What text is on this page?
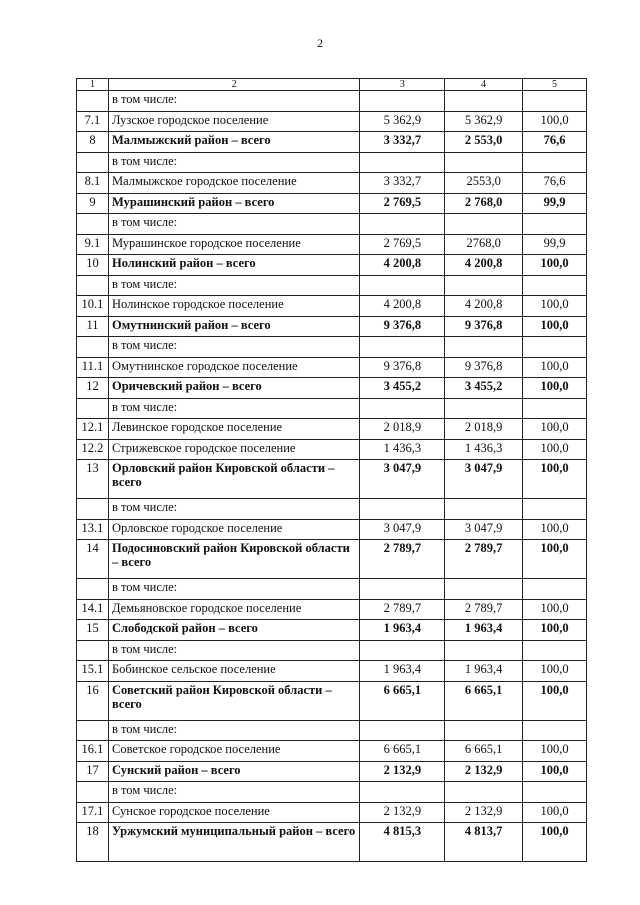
2
1	2	3	4	5
	в том числе:			
7.1	Лузское городское поселение	5 362,9	5 362,9	100,0
8	Малмыжский район – всего	3 332,7	2 553,0	76,6
	в том числе:			
8.1	Малмыжское городское поселение	3 332,7	2553,0	76,6
9	Мурашинский район – всего	2 769,5	2 768,0	99,9
	в том числе:			
9.1	Мурашинское городское поселение	2 769,5	2768,0	99,9
10	Нолинский район – всего	4 200,8	4 200,8	100,0
	в том числе:			
10.1	Нолинское городское поселение	4 200,8	4 200,8	100,0
11	Омутнинский район – всего	9 376,8	9 376,8	100,0
	в том числе:			
11.1	Омутнинское городское поселение	9 376,8	9 376,8	100,0
12	Оричевский район – всего	3 455,2	3 455,2	100,0
	в том числе:			
12.1	Левинское городское поселение	2 018,9	2 018,9	100,0
12.2	Стрижевское городское поселение	1 436,3	1 436,3	100,0
13	Орловский район Кировской области – всего	3 047,9	3 047,9	100,0
	в том числе:			
13.1	Орловское городское поселение	3 047,9	3 047,9	100,0
14	Подосиновский район Кировской области – всего	2 789,7	2 789,7	100,0
	в том числе:			
14.1	Демьяновское городское поселение	2 789,7	2 789,7	100,0
15	Слободской район – всего	1 963,4	1 963,4	100,0
	в том числе:			
15.1	Бобинское сельское поселение	1 963,4	1 963,4	100,0
16	Советский район Кировской области – всего	6 665,1	6 665,1	100,0
	в том числе:			
16.1	Советское городское поселение	6 665,1	6 665,1	100,0
17	Сунский район – всего	2 132,9	2 132,9	100,0
	в том числе:			
17.1	Сунское городское поселение	2 132,9	2 132,9	100,0
18	Уржумский муниципальный район – всего	4 815,3	4 813,7	100,0
